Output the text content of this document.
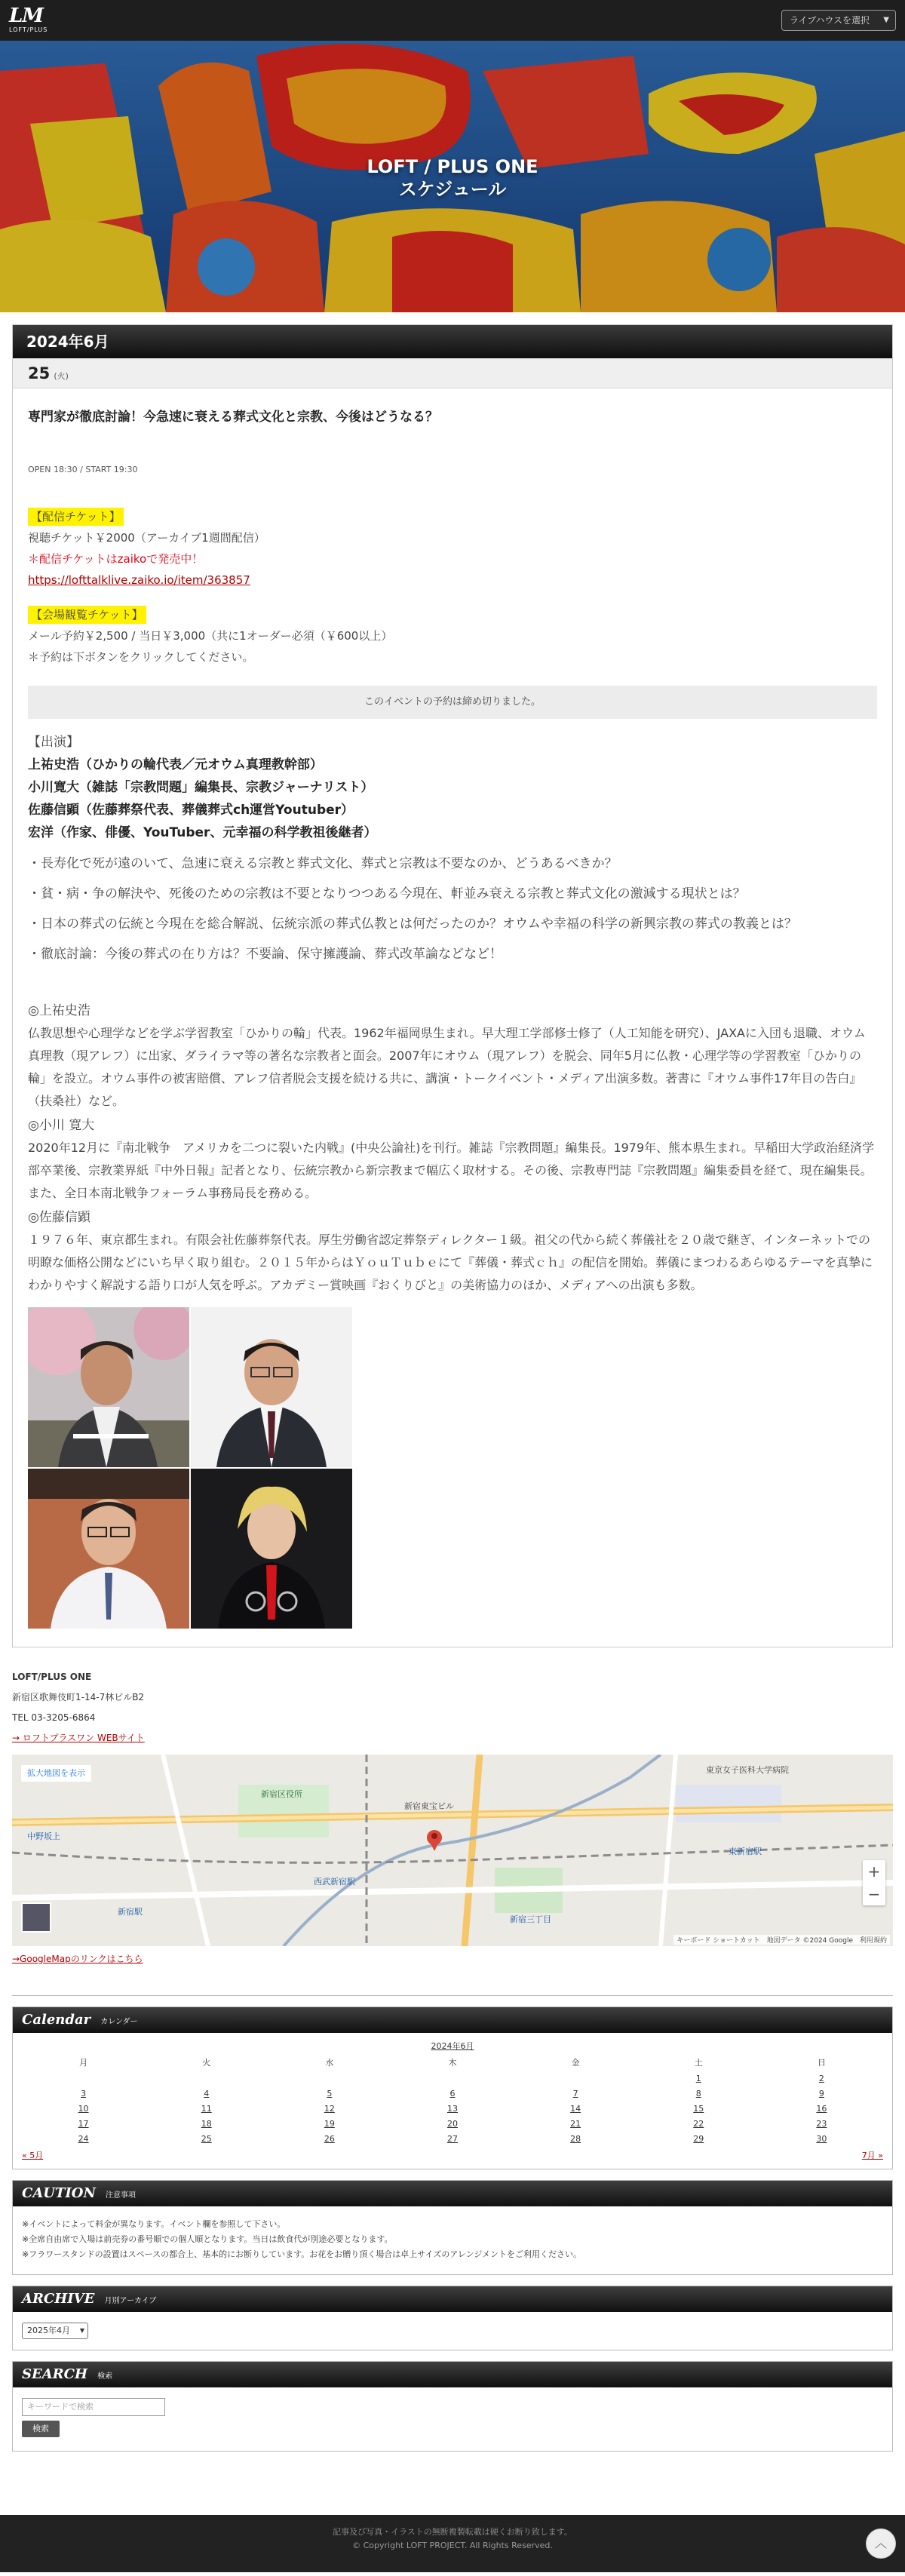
LM
LOFT/PLUS
ライブハウスを選択 ▼
LOFT / PLUS ONE
スケジュール
2024年6月
25 (火)
専門家が徹底討論！今急速に衰える葬式文化と宗教、今後はどうなる？
OPEN 18:30 / START 19:30
【配信チケット】
視聴チケット￥2000（アーカイブ1週間配信）
＊配信チケットはzaikoで発売中！
https://lofttalklive.zaiko.io/item/363857
【会場観覧チケット】
メール予約￥2,500 / 当日￥3,000（共に1オーダー必須（￥600以上）
＊予約は下ボタンをクリックしてください。
このイベントの予約は締め切りました。
【出演】
上祐史浩（ひかりの輪代表／元オウム真理教幹部）
小川寛大（雑誌「宗教問題」編集長、宗教ジャーナリスト）
佐藤信顕（佐藤葬祭代表、葬儀葬式ch運営Youtuber）
宏洋（作家、俳優、YouTuber、元幸福の科学教祖後継者）
・長寿化で死が遠のいて、急速に衰える宗教と葬式文化、葬式と宗教は不要なのか、どうあるべきか？
・貧・病・争の解決や、死後のための宗教は不要となりつつある今現在、軒並み衰える宗教と葬式文化の激減する現状とは？
・日本の葬式の伝統と今現在を総合解説、伝統宗派の葬式仏教とは何だったのか？オウムや幸福の科学の新興宗教の葬式の教義とは？
・徹底討論：今後の葬式の在り方は？不要論、保守擁護論、葬式改革論などなど！
◎上祐史浩
仏教思想や心理学などを学ぶ学習教室「ひかりの輪」代表。1962年福岡県生まれ。早大理工学部修士修了（人工知能を研究）、JAXAに入団も退職、オウム真理教（現アレフ）に出家、ダライラマ等の著名な宗教者と面会。2007年にオウム（現アレフ）を脱会、同年5月に仏教・心理学等の学習教室「ひかりの輪」を設立。オウム事件の被害賠償、アレフ信者脱会支援を続ける共に、講演・トークイベント・メディア出演多数。著書に『オウム事件17年目の告白』（扶桑社）など。
◎小川 寛大
2020年12月に『南北戦争　アメリカを二つに裂いた内戦』(中央公論社)を刊行。雑誌『宗教問題』編集長。1979年、熊本県生まれ。早稲田大学政治経済学部卒業後、宗教業界紙『中外日報』記者となり、伝統宗教から新宗教まで幅広く取材する。その後、宗教専門誌『宗教問題』編集委員を経て、現在編集長。また、全日本南北戦争フォーラム事務局長を務める。
◎佐藤信顕
１９７６年、東京都生まれ。有限会社佐藤葬祭代表。厚生労働省認定葬祭ディレクター１級。祖父の代から続く葬儀社を２０歳で継ぎ、インターネットでの明瞭な価格公開などにいち早く取り組む。２０１５年からはＹｏｕＴｕｂｅにて『葬儀・葬式ｃｈ』の配信を開始。葬儀にまつわるあらゆるテーマを真摯にわかりやすく解説する語り口が人気を呼ぶ。アカデミー賞映画『おくりびと』の美術協力のほか、メディアへの出演も多数。
LOFT/PLUS ONE
新宿区歌舞伎町1-14-7林ビルB2
TEL 03-3205-6864
→ ロフトプラスワン WEBサイト
拡大地図を表示
新宿区役所
新宿東宝ビル
西武新宿駅
新宿駅
東京女子医科大学病院
新宿三丁目
東新宿駅
中野坂上
+
−
キーボード ショートカット　地図データ ©2024 Google　利用規約
→GoogleMapのリンクはこちら
Calendar カレンダー
2024年6月
月	火	水	木	金	土	日
					1	2
3	4	5	6	7	8	9
10	11	12	13	14	15	16
17	18	19	20	21	22	23
24	25	26	27	28	29	30
« 5月	7月 »
CAUTION 注意事項
※イベントによって料金が異なります。イベント欄を参照して下さい。
※全席自由席で入場は前売券の番号順での個人順となります。当日は飲食代が別途必要となります。
※フラワースタンドの設置はスペースの都合上、基本的にお断りしています。お花をお贈り頂く場合は卓上サイズのアレンジメントをご利用ください。
ARCHIVE 月別アーカイブ
2025年4月 ▼
SEARCH 検索
キーワードで検索
検索
記事及び写真・イラストの無断複製転載は硬くお断り致します。
© Copyright LOFT PROJECT. All Rights Reserved.	︿
